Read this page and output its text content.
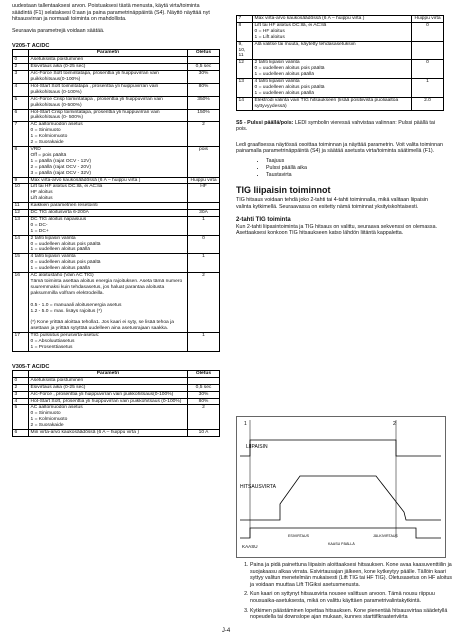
uudestaan tallentaaksesi arvon. Poistuaksesi tästä menusta, käytä virta/toiminta säädintä (F1) selataksesi 0:aan ja paina parametrinäppäintä (S4). Näyttö näyttää nyt hitsausvirran ja normaali toiminta on mahdollista.

Seuraavia parametrejä voidaan säätää.

V205-T AC/DC

	Parametri	Oletus
0	Asetuksista poistuminen	
2	Esivirtaus aika (0-25 sec)	0,5 sec
3	Arc-Force Soft toimintatapa, prosenttia yli huippuvirran vain puikkohitsaus(0-100%)	30%
4	Hot-Start Soft toimintatapa , prosenttia yli huippuvirran vain puikkohitsaus (0-100%)	80%
5	Arc-Force Crisp toimintatapa , prosenttia yli huippuvirran vain puikkohitsaus (0-500%)	350%
6	Hot-Start Crisp toimintatapa, prosenttia yli huippuvirran vain puikkohitsaus (0- 500%)	150%
7	AC aaltomuodon asetus
0 = Sinimuoto
1 = Kolmiomuoto
2 = Suorakaide	2
8	VRD
Off = pois päältä
1 = päällä (rajat OCV - 12V)
2 = päällä (rajat OCV - 20V)
3 = päällä (rajat OCV - 32V)	pois
9	Max virta-arvo kaukosäädössä (6 A – huippu virta )	Huippu virta
10	Lift tai HF aloitus DC:llä, ei AC:lla
HF aloitus
Lift aloitus	HF
11	Kaikkien parametrien resetointi	
12	DC TIG aloitusvirta 6-200A	30A
13	DC TIG aloitus napaisuus
0 = DC-
1 = DC+	1
14	2 tahti liipasin valinta
0 = uudelleen aloitus pois päältä
1 = uudelleen aloitus päällä	0
15	4 tahti liipasin valinta
0 = uudelleen aloitus pois päältä
1 = uudelleen aloitus päällä	1
16	AC aloitustaho (Vain AC TIG)
Tämä toiminta asettaa aloitus energia rajoituksen. Aseta tämä numero suuremmaksi kuin tehdasasetus, jos haluat parantaa aloitusta paksummilla volfram elektrodeilla.

0.5 - 1.0 = manuaali aloitusenergia asetus
1.2 - 5.0 = max. lisäys rajoitus (*)

(*) Kone yrittää aloittaa teholla1. Jos kaari ei syty, se lisää tehoa ja asettaan ja yrittää sytyttää uudelleen aina asetusrajaan saakka.	2
17	TIG pulssitus perusvirta-asetus:
0 = Absoluuttiasetus
1 = Prosenttiasetus	1

V305-T AC/DC

	Parametri	Oletus
0	Asetuksista poistuminen	
2	Esivirtaus aika (0-25 sec)	0,5 sec
3	Arc-Force , prosenttia yli huippuvirran vain puikkohitsaus(0-100%)	30%
4	Hot-Start Soft, prosenttia yli huippuvirran vain puikkohitsaus (0-100%)	80%
5	AC aaltomuodon asetus
0 = Sinimuoto
1 = Kolmiomuoto
2 = Suorakaide	2
6	Min virta-arvo kaukosäädössä (6 A – huippu virta )	10 A
7	Max virta-arvo kaukosäädössä (6 A – huippu virta )	Huippu virta
8	Lift tai HF aloitus DC:llä, ei AC:llä
0 = HF aloitus
1 = Lift aloitus	0
9, 10, 11	Älä valitse tai muuta, käytetty tehdasasetuksiin	
12	2 tahti liipasin valinta
0 = uudelleen aloitus pois päältä
1 = uudelleen aloitus päällä	0
13	4 tahti liipasin valinta
0 = uudelleen aloitus pois päältä
1 = uudelleen aloitus päällä	1
14	Elektrodi valinta vain TIG hitsaukseen (lisää positiivista puoliaaltoa syttyvyydessä)	2.0

S5 - Pulssi päällä/pois: LEDI symbolin vieressä vahvistaa valinnan: Pulssi päällä tai pois.

Ledi graafisessa näytössä osoittaa toiminnan ja näyttää parametrin. Voit valita toiminnan painamalla parametrinäppäintä (S4) ja säätää asetusta virta/toiminta säätimellä (F1).

• Taajuus
• Pulssi päällä aika
• Taustavirta

TIG liipaisin toiminnot

TIG hitsaus voidaan tehdä joko 2-tahti tai 4-tahti toiminnalla, mikä valitaan liipaisin valinta kytkimellä. Seuraavassa on esitetty nämä toiminnat yksityiskohtaisesti.

2-tahti TIG toiminta

Kun 2-tahti liipasintoiminta ja TIG hitsaus on valittu, seuraava sekvenssi on olemassa. Asettaaksesi konkoon TIG hitsaukseen katso lähdön liitäntä kappaletta.

1	2
LIIPAISIN
HITSAUSVIRTA
KAASU
ESIVIRTAUS	JÄLKIVIRTAUS
KAASU PÄÄLLÄ

1. Paina ja pidä painettuna liipaisin aloittaaksesi hitsauksen. Kone avaa kaasuventtiilin ja suojakaasu alkaa virrata. Esivirtausajan jälkeen, kone kytkeytyy päälle. Tällöin kaari syttyy valitun menetelmän mukaisesti (Lift TIG tai HF TIG). Oletusasetus on HF aloitus ja voidaan muuttaa Lift TIGiksi asetusmenusta.

2. Kun kaari on syttynyt hitsausvirta nousee valittuun arvoon. Tämä nousu riippuu nousuaika-asetuksesta, mikä on valittu käyttäen parametrivalintakytkintä.

3. Kytkimen päästäminen lopettaa hitsauksen. Kone pienentää hitsausvirtaa säädetyllä nopeudella tai downslope ajan mukaan, kunnes starttiflkraateriviirta

J-4
